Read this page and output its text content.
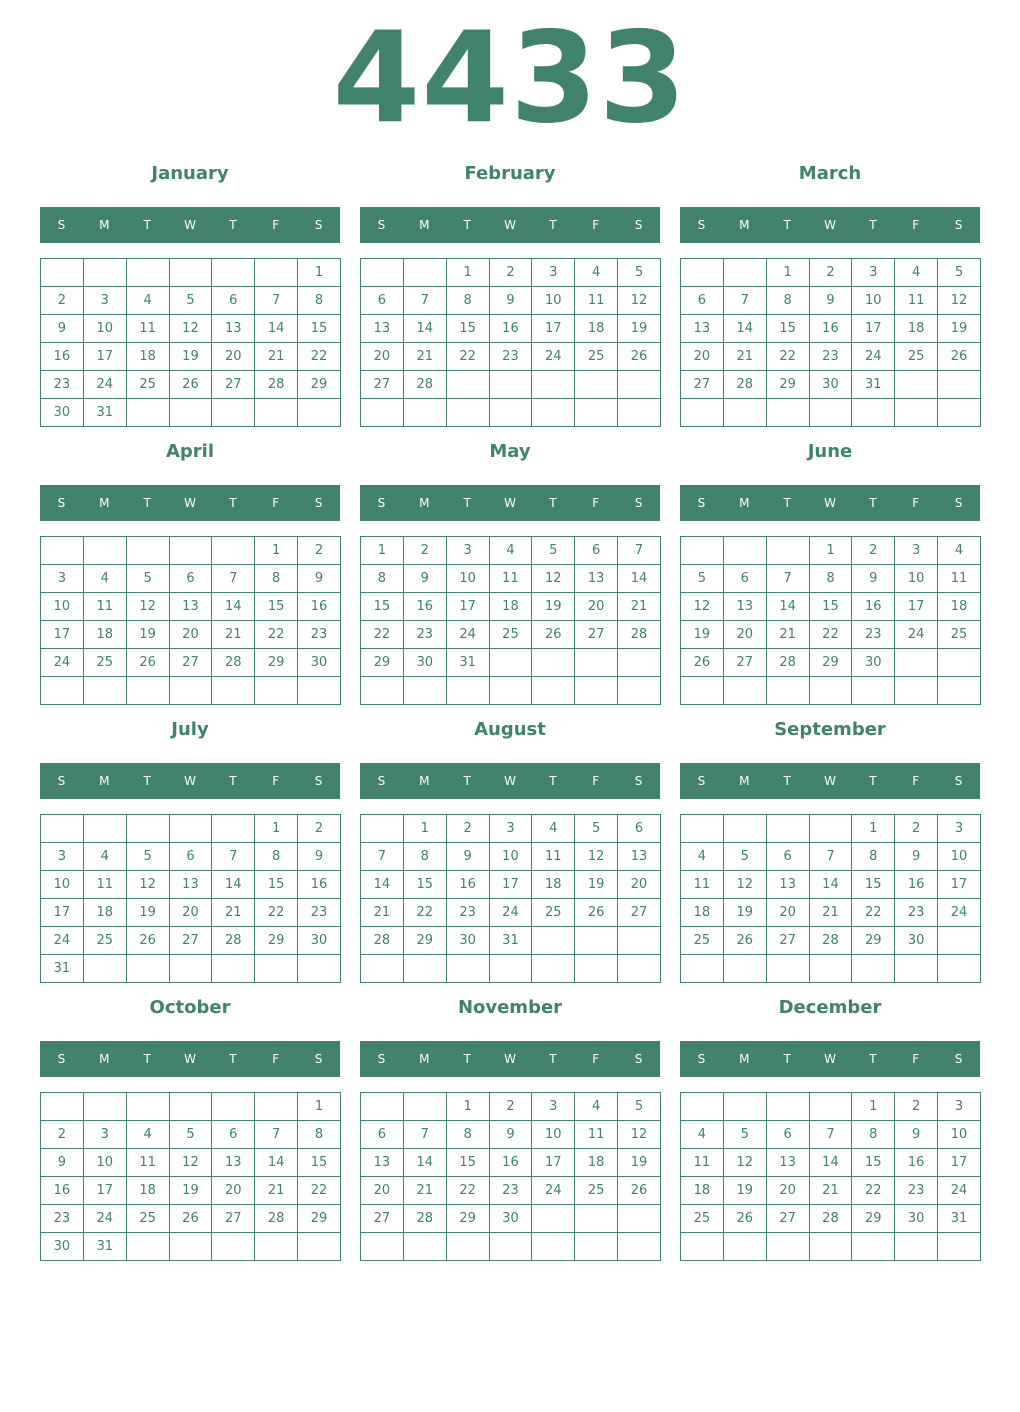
4433
January
S	M	T	W	T	F	S
						1
2	3	4	5	6	7	8
9	10	11	12	13	14	15
16	17	18	19	20	21	22
23	24	25	26	27	28	29
30	31					
February
S	M	T	W	T	F	S
		1	2	3	4	5
6	7	8	9	10	11	12
13	14	15	16	17	18	19
20	21	22	23	24	25	26
27	28					

March
S	M	T	W	T	F	S
		1	2	3	4	5
6	7	8	9	10	11	12
13	14	15	16	17	18	19
20	21	22	23	24	25	26
27	28	29	30	31		

April
S	M	T	W	T	F	S
					1	2
3	4	5	6	7	8	9
10	11	12	13	14	15	16
17	18	19	20	21	22	23
24	25	26	27	28	29	30

May
S	M	T	W	T	F	S
1	2	3	4	5	6	7
8	9	10	11	12	13	14
15	16	17	18	19	20	21
22	23	24	25	26	27	28
29	30	31				

June
S	M	T	W	T	F	S
			1	2	3	4
5	6	7	8	9	10	11
12	13	14	15	16	17	18
19	20	21	22	23	24	25
26	27	28	29	30		

July
S	M	T	W	T	F	S
					1	2
3	4	5	6	7	8	9
10	11	12	13	14	15	16
17	18	19	20	21	22	23
24	25	26	27	28	29	30
31						
August
S	M	T	W	T	F	S
	1	2	3	4	5	6
7	8	9	10	11	12	13
14	15	16	17	18	19	20
21	22	23	24	25	26	27
28	29	30	31			

September
S	M	T	W	T	F	S
				1	2	3
4	5	6	7	8	9	10
11	12	13	14	15	16	17
18	19	20	21	22	23	24
25	26	27	28	29	30	

October
S	M	T	W	T	F	S
						1
2	3	4	5	6	7	8
9	10	11	12	13	14	15
16	17	18	19	20	21	22
23	24	25	26	27	28	29
30	31					
November
S	M	T	W	T	F	S
		1	2	3	4	5
6	7	8	9	10	11	12
13	14	15	16	17	18	19
20	21	22	23	24	25	26
27	28	29	30			

December
S	M	T	W	T	F	S
				1	2	3
4	5	6	7	8	9	10
11	12	13	14	15	16	17
18	19	20	21	22	23	24
25	26	27	28	29	30	31
